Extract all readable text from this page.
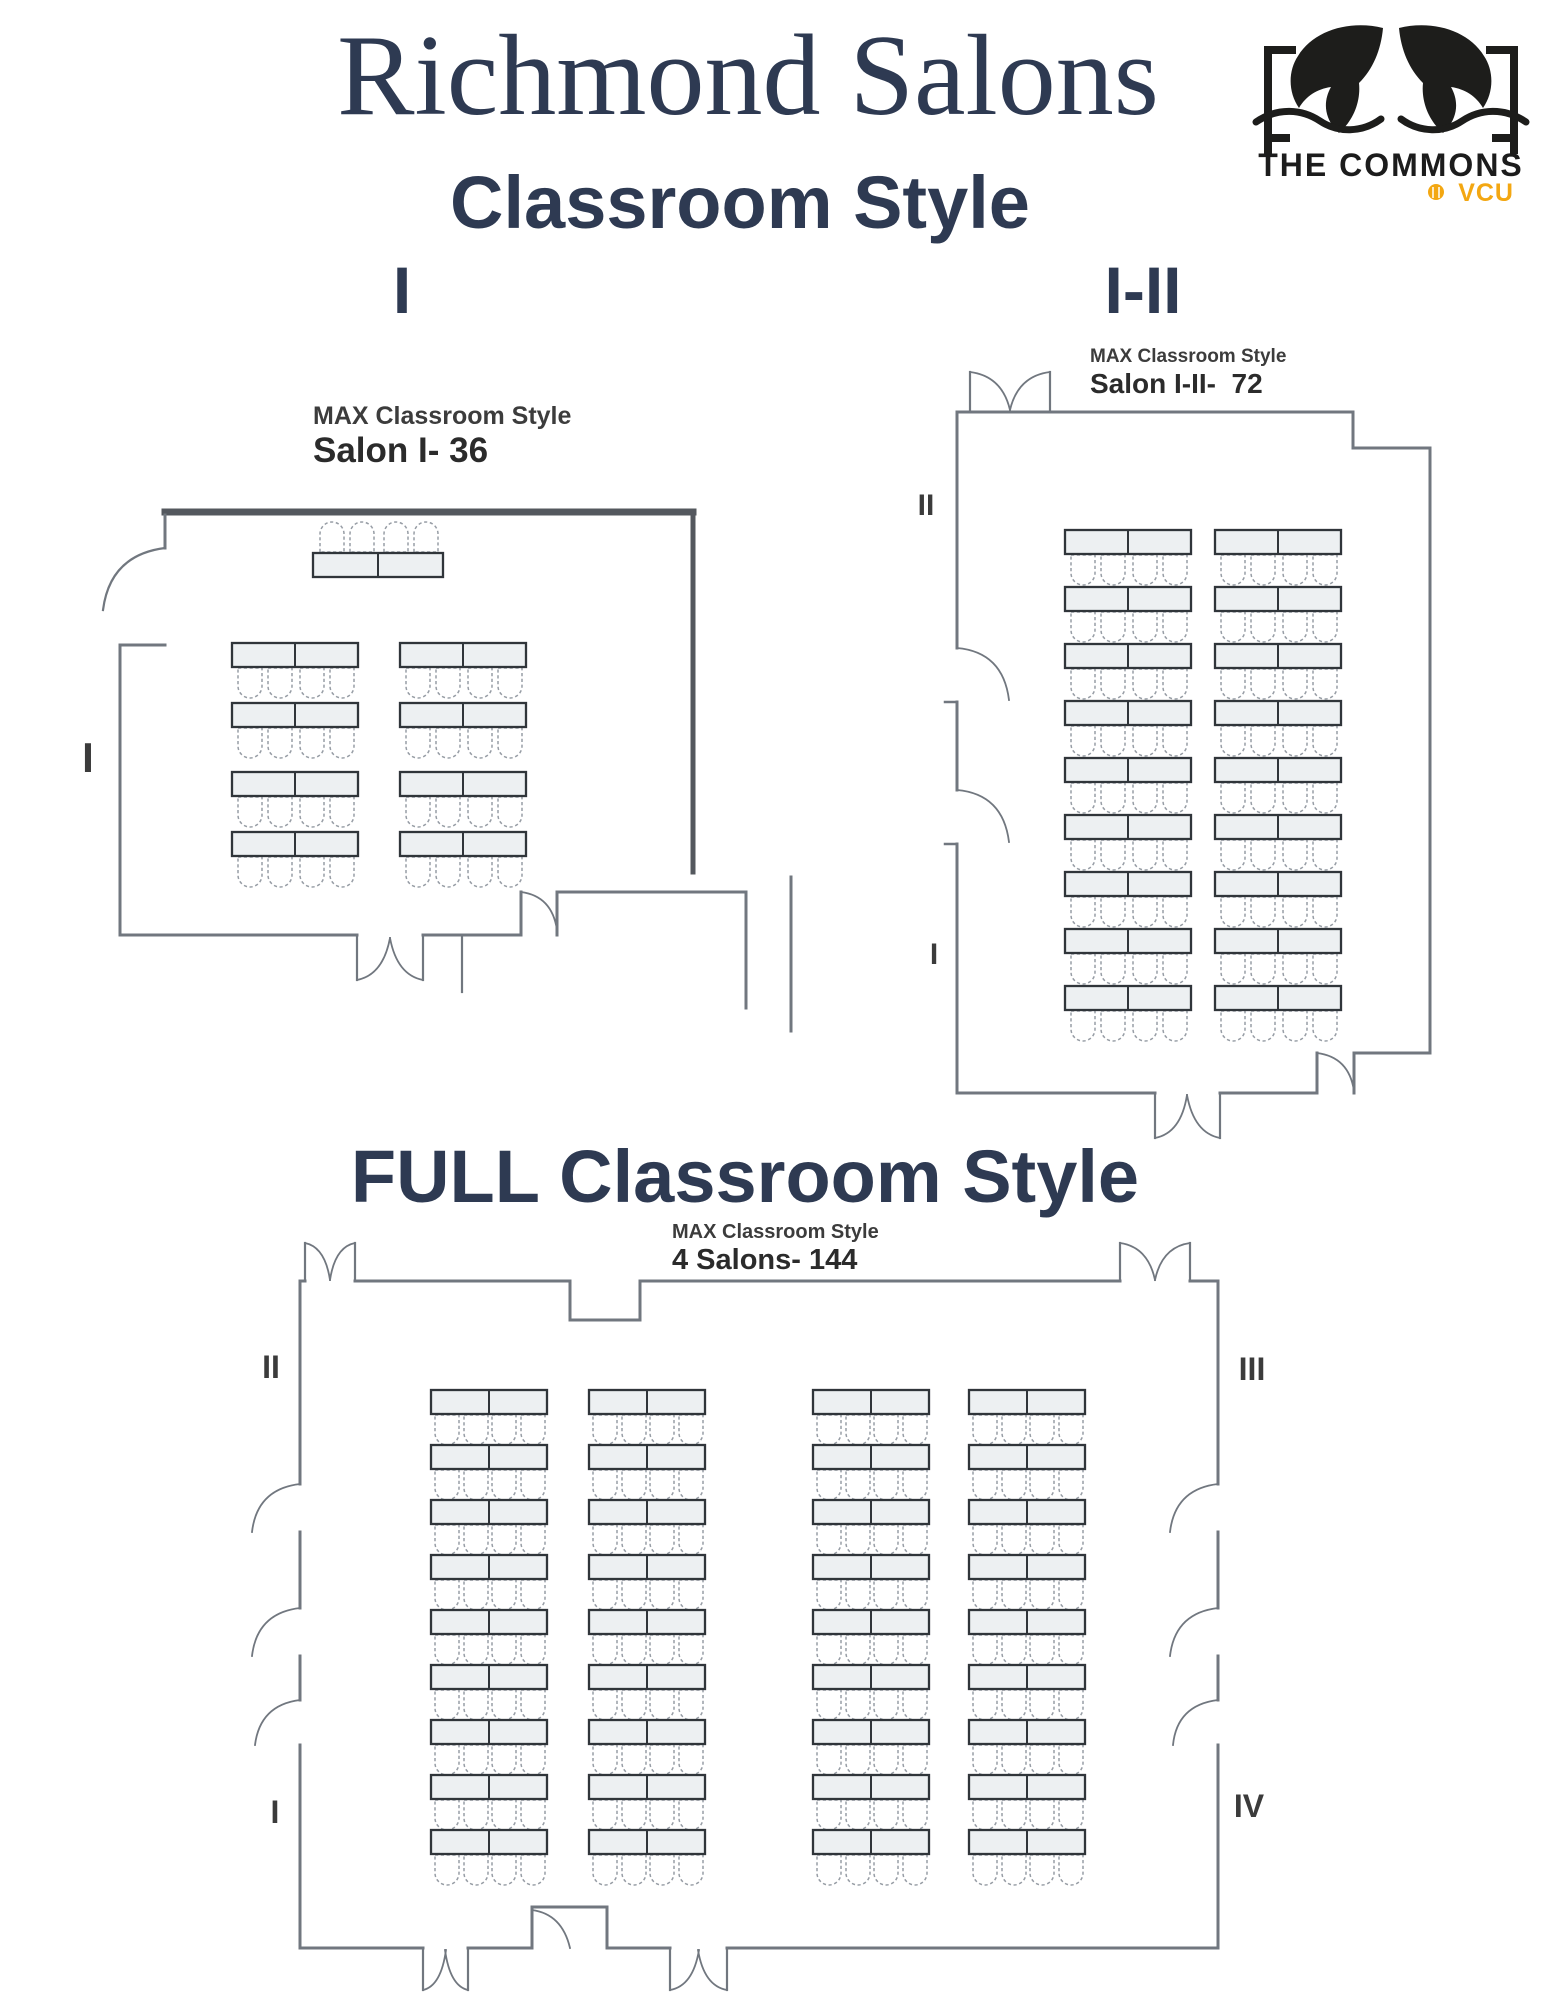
Richmond Salons
THE COMMONS
VCU
Classroom Style
I	I-II
MAX Classroom Style
Salon I- 36
MAX Classroom Style
Salon I-II-  72
FULL Classroom Style
MAX Classroom Style
4 Salons- 144
I
II
I
II	III
I	IV
